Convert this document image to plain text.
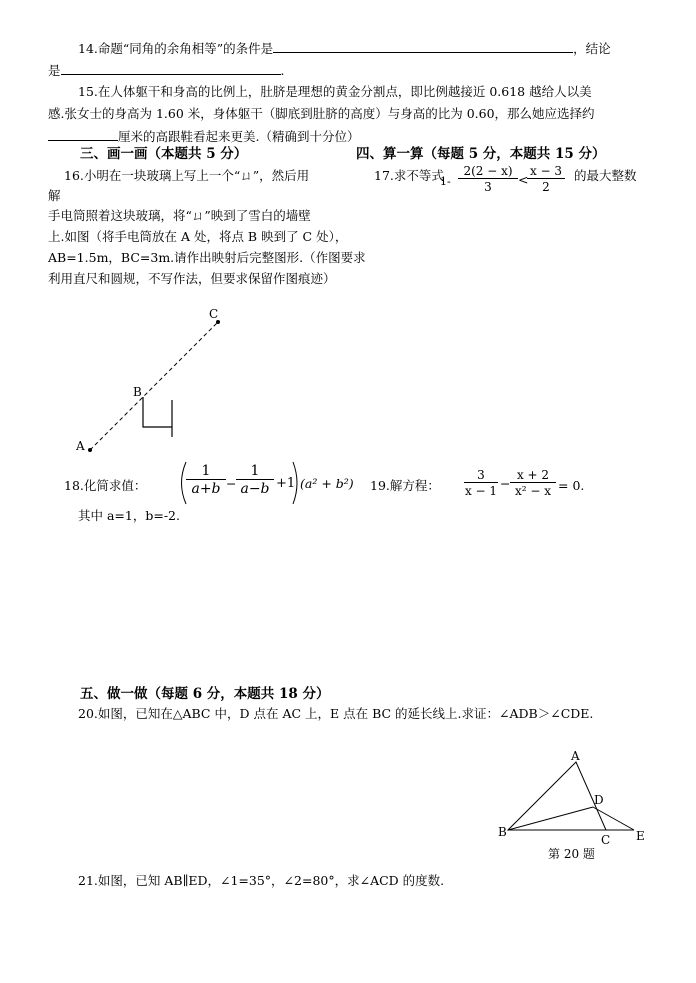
14.命题“同角的余角相等”的条件是	，结论
是	.
15.在人体躯干和身高的比例上，肚脐是理想的黄金分割点，即比例越接近 0.618 越给人以美
感.张女士的身高为 1.60 米，身体躯干（脚底到肚脐的高度）与身高的比为 0.60，那么她应选择约
厘米的高跟鞋看起来更美.（精确到十分位）
三、画一画（本题共 5 分）	四、算一算（每题 5 分，本题共 15 分）
16.小明在一块玻璃上写上一个“ㄩ”，然后用
解
手电筒照着这块玻璃，将“ㄩ”映到了雪白的墙壁
上.如图（将手电筒放在 A 处，将点 B 映到了 C 处），
AB=1.5m，BC=3m.请作出映射后完整图形.（作图要求
利用直尺和圆规，不写作法，但要求保留作图痕迹）
17.求不等式
$1- \frac{2(2 - x)}{3}$ <
$\frac{x - 3}{2}$ 的最大整数
A
B
C
18.化简求值：	$\frac{1}{a+b} - \frac{1}{a-b} +1$ (a² + b²)
其中 a=1，b=-2.
19.解方程： $\frac{3}{x - 1} - \frac{x + 2}{\text{x² − x}} = 0$.
五、做一做（每题 6 分，本题共 18 分）
20.如图，已知在△ABC 中，D 点在 AC 上，E 点在 BC 的延长线上.求证：∠ADB＞∠CDE.
A
B
C
D
E
第 20 题
21.如图，已知 AB∥ED，∠1=35°，∠2=80°，求∠ACD 的度数.
